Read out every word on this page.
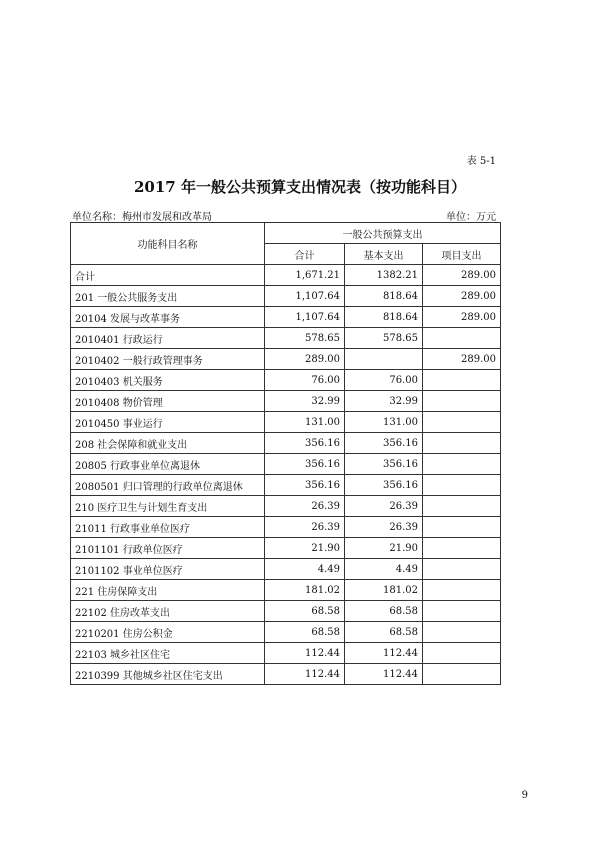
表 5-1
2017 年一般公共预算支出情况表（按功能科目）
单位名称：梅州市发展和改革局	单位：万元
功能科目名称	一般公共预算支出		
	合计	基本支出	项目支出
合计	1,671.21	1382.21	289.00
201 一般公共服务支出	1,107.64	818.64	289.00
20104 发展与改革事务	1,107.64	818.64	289.00
2010401 行政运行	578.65	578.65	
2010402 一般行政管理事务	289.00		289.00
2010403 机关服务	76.00	76.00	
2010408 物价管理	32.99	32.99	
2010450 事业运行	131.00	131.00	
208 社会保障和就业支出	356.16	356.16	
20805 行政事业单位离退休	356.16	356.16	
2080501 归口管理的行政单位离退休	356.16	356.16	
210 医疗卫生与计划生育支出	26.39	26.39	
21011 行政事业单位医疗	26.39	26.39	
2101101 行政单位医疗	21.90	21.90	
2101102 事业单位医疗	4.49	4.49	
221 住房保障支出	181.02	181.02	
22102 住房改革支出	68.58	68.58	
2210201 住房公积金	68.58	68.58	
22103 城乡社区住宅	112.44	112.44	
2210399 其他城乡社区住宅支出	112.44	112.44	
9
